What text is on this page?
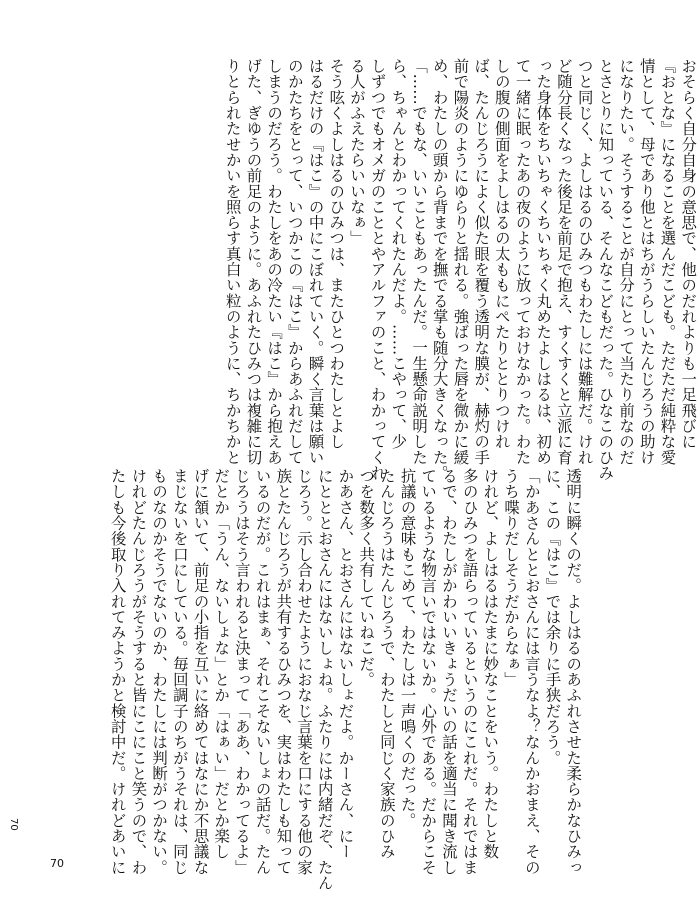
おそらく自分自身の意思で、他のだれよりも一足飛びに

『おとな』になることを選んだこども。ただただ純粋な愛

情として、母であり他とはちがうらしいたんじろうの助け

になりたい。そうすることが自分にとって当たり前なのだ

とさとりに知っている、そんなこどもだった。ひなこのひみ

つと同じく、よしはるのひみつもわたしには難解だ。けれ

ど随分長くなった後足を前足で抱え、すくすくと立派に育

った身体をちいちゃくちいちゃく丸めたよしはるは、初め

て一緒に眠ったあの夜のように放っておけなかった。わた

しの腹の側面をよしはるの太ももにぺたりととりつけれ

ば、たんじろうによく似た眼を覆う透明な膜が、赫灼の手

前で陽炎のようにゆらりと揺れる。強ばった唇を微かに緩

め、わたしの頭から背までを撫でる掌も随分大きくなった。

「……でもな、いいこともあったんだ。一生懸命説明した

ら、ちゃんとわかってくれたんだよ。……こやって、少

しずつでもオメガのこととやアルファのこと、わかってくれ

る人がふえたらいいなぁ」

そう呟くよしはるのひみつは、またひとつわたしとよし

はるだけの『はこ』の中にこぼれていく。瞬く言葉は願い

のかたちをとって、いつかこの『はこ』からあふれだして

しまうのだろう。わたしをあの冷たい『はこ』から抱えあ

げた、ぎゆうの前足のように。あふれたひみつは複雑に切

りとられたせかいを照らす真白い粒のように、ちかちかと

透明に瞬くのだ。よしはるのあふれさせた柔らかなひみっ

に、この『はこ』では余りに手狭だろう。

「かあさんととおさんには言うなよ？なんかおまえ、その

うち喋りだしそうだからなぁ」

けれど、よしはるはたまに妙なことをいう。わたしと数

多のひみつを語らっているというのにこれだ。それではま

るで、わたしがかわいいきょうだいの話を適当に聞き流し

ているような物言いではないか。心外である。だからこそ

抗議の意味もこめて、わたしは一声鳴くのだった。

たんじろうはたんじろうで、わたしと同じく家族のひみ

つを数多く共有していねこだ。

かあさん、とおさんにはないしょだよ。かーさん、にー

にとととおさんにはないしょね。ふたりには内緒だぞ、たん

じろう。示し合わせたようにおなじ言葉を口にする他の家

族とたんじろうが共有するひみつを、実はわたしも知って

いるのだが。これはまぁ、それこそないしょの話だ。たん

じろうはそう言われると決まって「ああ、わかってるよ」

だとか「うん、ないしょな」とか「はぁい」だとか楽し

げに頷いて、前足の小指を互いに絡めてはなにか不思議な

まじないを口にしている。毎回調子のちがうそれは、同じ

ものなのかそうでないのか、わたしには判断がつかない。

けれどたんじろうがそうすると皆にこにこと笑うので、わ

たしも今後取り入れてみようかと検討中だ。けれどあいに

70
70
